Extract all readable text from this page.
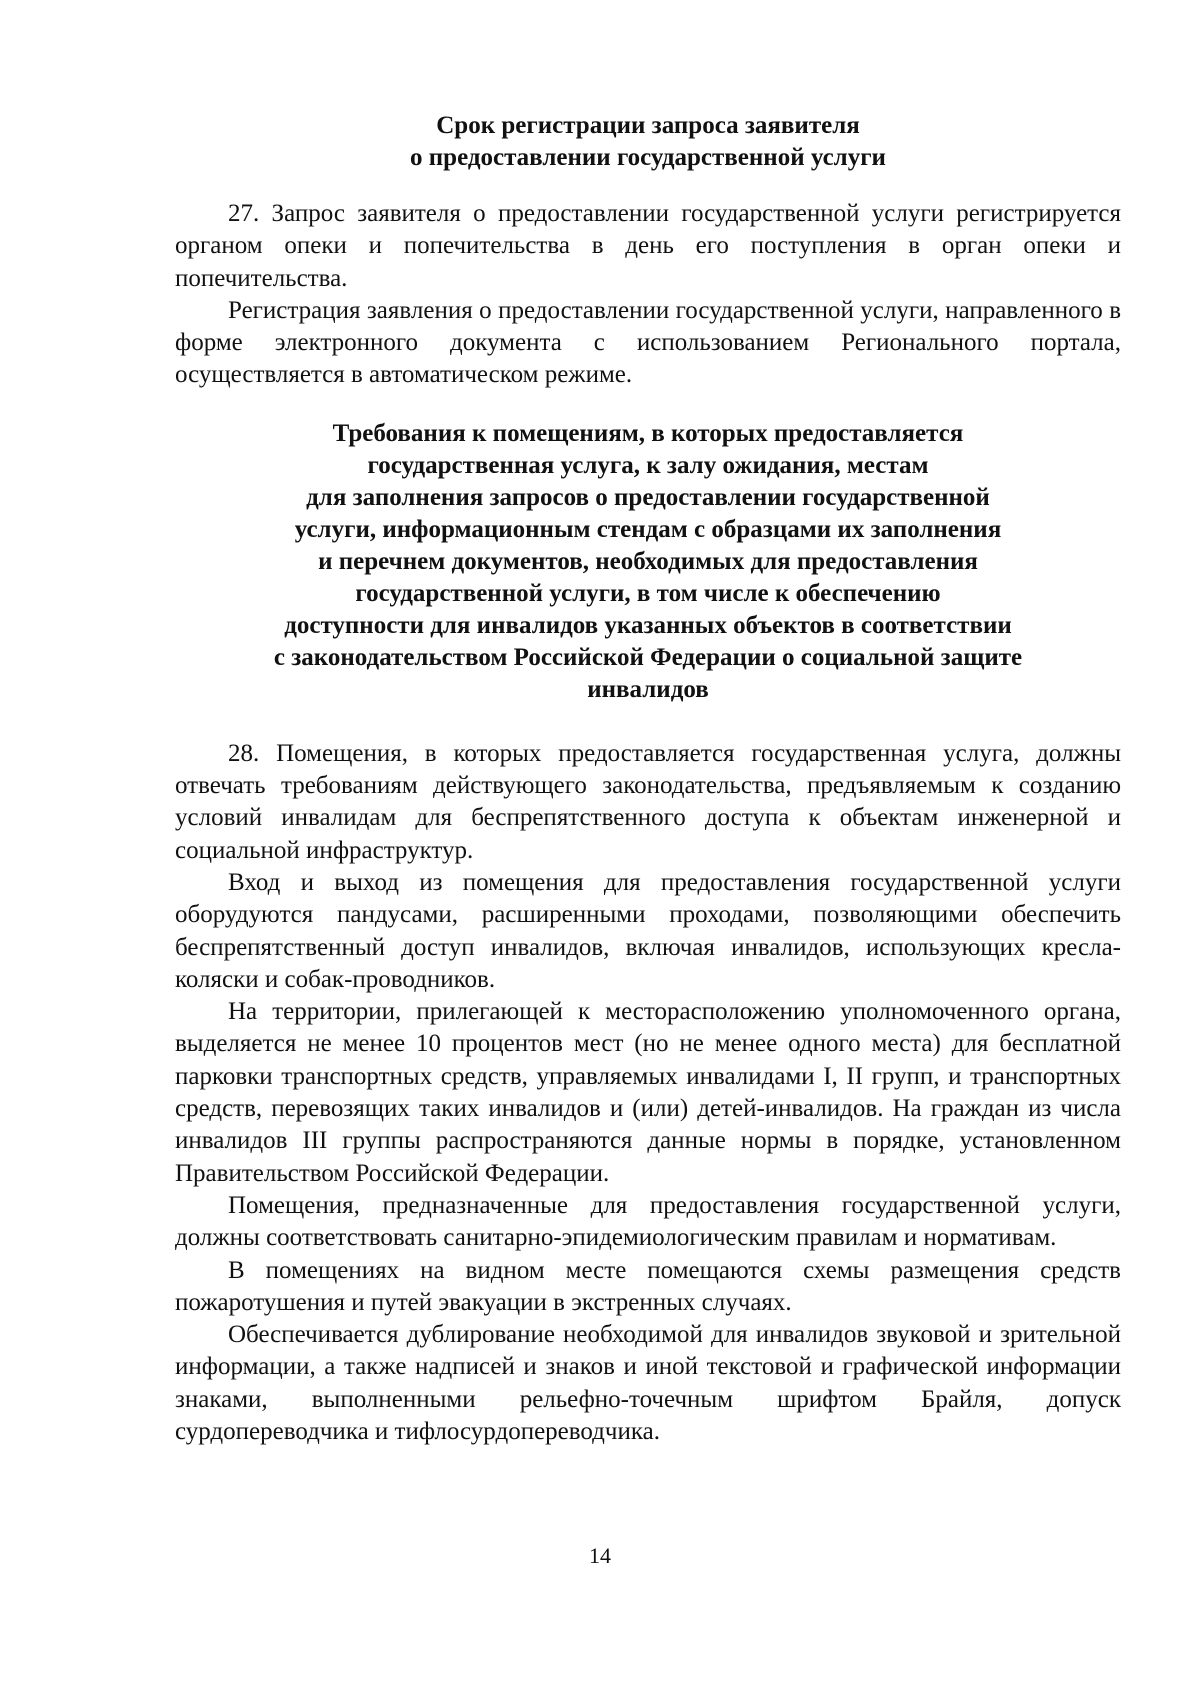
Срок регистрации запроса заявителя
о предоставлении государственной услуги

27. Запрос заявителя о предоставлении государственной услуги регистрируется органом опеки и попечительства в день его поступления в орган опеки и попечительства.

Регистрация заявления о предоставлении государственной услуги, направленного в форме электронного документа с использованием Регионального портала, осуществляется в автоматическом режиме.

Требования к помещениям, в которых предоставляется
государственная услуга, к залу ожидания, местам
для заполнения запросов о предоставлении государственной
услуги, информационным стендам с образцами их заполнения
и перечнем документов, необходимых для предоставления
государственной услуги, в том числе к обеспечению
доступности для инвалидов указанных объектов в соответствии
с законодательством Российской Федерации о социальной защите
инвалидов

28. Помещения, в которых предоставляется государственная услуга, должны отвечать требованиям действующего законодательства, предъявляемым к созданию условий инвалидам для беспрепятственного доступа к объектам инженерной и социальной инфраструктур.

Вход и выход из помещения для предоставления государственной услуги оборудуются пандусами, расширенными проходами, позволяющими обеспечить беспрепятственный доступ инвалидов, включая инвалидов, использующих кресла-коляски и собак-проводников.

На территории, прилегающей к месторасположению уполномоченного органа, выделяется не менее 10 процентов мест (но не менее одного места) для бесплатной парковки транспортных средств, управляемых инвалидами I, II групп, и транспортных средств, перевозящих таких инвалидов и (или) детей-инвалидов. На граждан из числа инвалидов III группы распространяются данные нормы в порядке, установленном Правительством Российской Федерации.

Помещения, предназначенные для предоставления государственной услуги, должны соответствовать санитарно-эпидемиологическим правилам и нормативам.

В помещениях на видном месте помещаются схемы размещения средств пожаротушения и путей эвакуации в экстренных случаях.

Обеспечивается дублирование необходимой для инвалидов звуковой и зрительной информации, а также надписей и знаков и иной текстовой и графической информации знаками, выполненными рельефно-точечным шрифтом Брайля, допуск сурдопереводчика и тифлосурдопереводчика.

14
